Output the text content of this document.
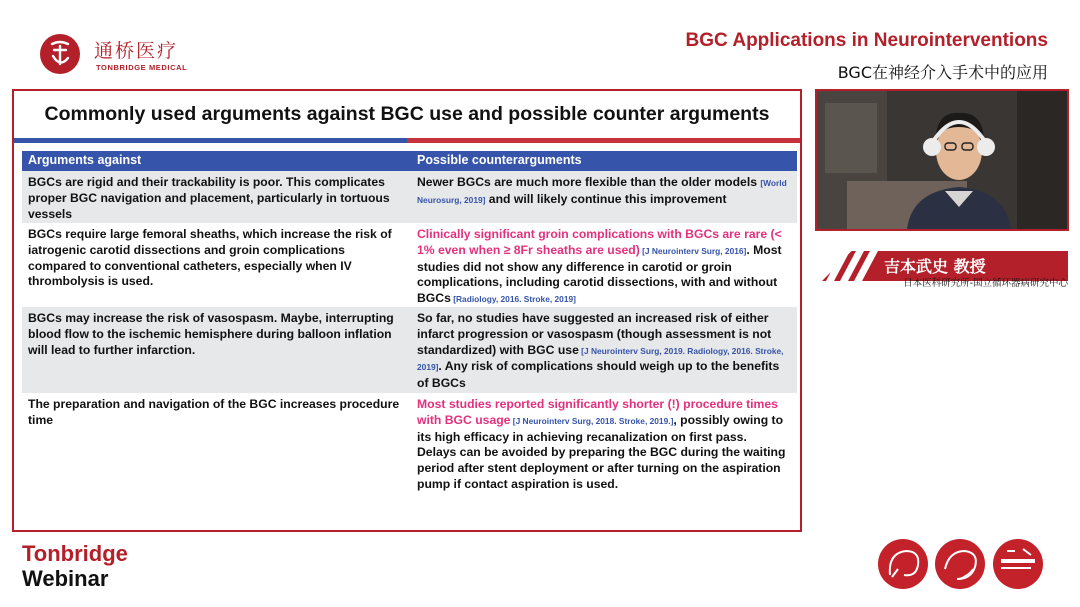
通桥医疗
TONBRIDGE MEDICAL
BGC Applications in Neurointerventions
BGC在神经介入手术中的应用
Commonly used arguments against BGC use and possible counter arguments
Arguments against	Possible counterarguments
BGCs are rigid and their trackability is poor. This complicates proper BGC navigation and placement, particularly in tortuous vessels
Newer BGCs are much more flexible than the older models [World Neurosurg, 2019] and will likely continue this improvement
BGCs require large femoral sheaths, which increase the risk of iatrogenic carotid dissections and groin complications compared to conventional catheters, especially when IV thrombolysis is used.
Clinically significant groin complications with BGCs are rare (< 1% even when ≥ 8Fr sheaths are used) [J Neurointerv Surg, 2016]. Most studies did not show any difference in carotid or groin complications, including carotid dissections, with and without BGCs [Radiology, 2016. Stroke, 2019]
BGCs may increase the risk of vasospasm. Maybe, interrupting blood flow to the ischemic hemisphere during balloon inflation will lead to further infarction.
So far, no studies have suggested an increased risk of either infarct progression or vasospasm (though assessment is not standardized) with BGC use [J Neurointerv Surg, 2019. Radiology, 2016. Stroke, 2019]. Any risk of complications should weigh up to the benefits of BGCs
The preparation and navigation of the BGC increases procedure time
Most studies reported significantly shorter (!) procedure times with BGC usage [J Neurointerv Surg, 2018. Stroke, 2019.], possibly owing to its high efficacy in achieving recanalization on first pass.
Delays can be avoided by preparing the BGC during the waiting period after stent deployment or after turning on the aspiration pump if contact aspiration is used.
吉本武史 教授
日本医科研究所-国立循环器病研究中心
Tonbridge
Webinar
